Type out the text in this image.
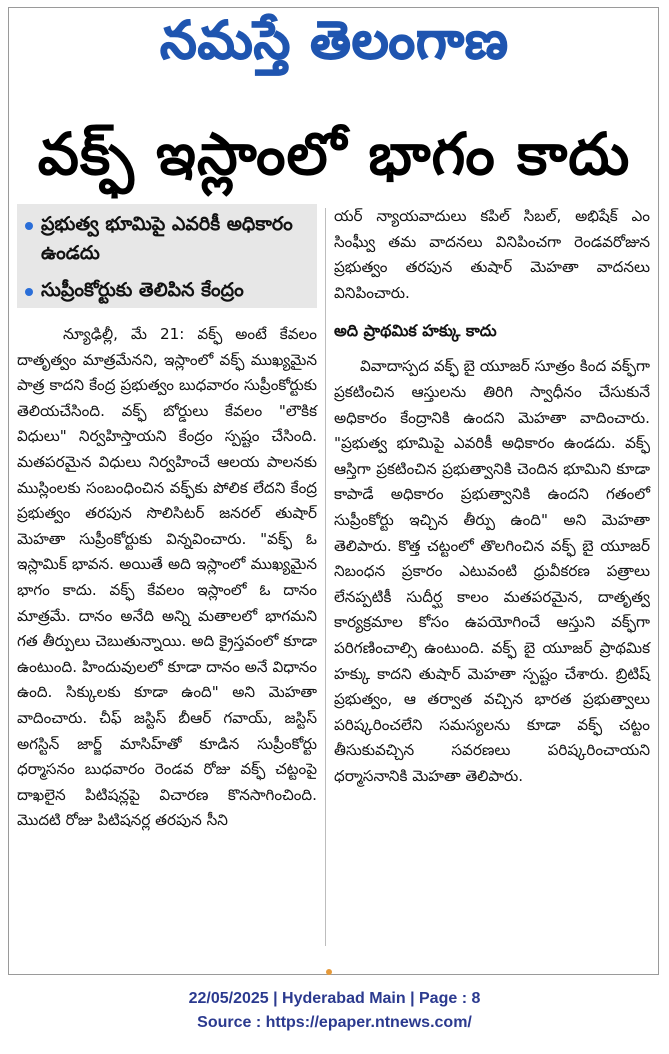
నమస్తే తెలంగాణ
వక్ఫ్ ఇస్లాంలో భాగం కాదు
ప్రభుత్వ భూమిపై ఎవరికీ అధికారం ఉండదు
సుప్రీంకోర్టుకు తెలిపిన కేంద్రం

న్యూఢిల్లీ, మే 21: వక్ఫ్ అంటే కేవలం దాతృత్వం మాత్రమేనని, ఇస్లాంలో వక్ఫ్ ముఖ్యమైన పాత్ర కాదని కేంద్ర ప్రభుత్వం బుధవారం సుప్రీంకోర్టుకు తెలియచేసింది. వక్ఫ్ బోర్డులు కేవలం "లౌకిక విధులు" నిర్వహిస్తాయని కేంద్రం స్పష్టం చేసింది. మతపరమైన విధులు నిర్వహించే ఆలయ పాలనకు ముస్లింలకు సంబంధించిన వక్ఫ్‌కు పోలిక లేదని కేంద్ర ప్రభుత్వం తరపున సొలిసిటర్ జనరల్ తుషార్ మెహతా సుప్రీంకోర్టుకు విన్నవించారు. "వక్ఫ్ ఓ ఇస్లామిక్ భావన. అయితే అది ఇస్లాంలో ముఖ్యమైన భాగం కాదు. వక్ఫ్ కేవలం ఇస్లాంలో ఓ దానం మాత్రమే. దానం అనేది అన్ని మతాలలో భాగమని గత తీర్పులు చెబుతున్నాయి. అది క్రైస్తవంలో కూడా ఉంటుంది. హిందువులలో కూడా దానం అనే విధానం ఉంది. సిక్కులకు కూడా ఉంది" అని మెహతా వాదించారు. చీఫ్ జస్టిస్ బీఆర్ గవాయ్, జస్టిస్ అగస్టిన్ జార్జ్ మాసిహ్‌తో కూడిన సుప్రీంకోర్టు ధర్మాసనం బుధవారం రెండవ రోజు వక్ఫ్ చట్టంపై దాఖలైన పిటిషన్లపై విచారణ కొనసాగించింది. మొదటి రోజు పిటిషనర్ల తరపున సీని

యర్ న్యాయవాదులు కపిల్ సిబల్, అభిషేక్ ఎం సింఘ్వీ తమ వాదనలు వినిపించగా రెండవరోజున ప్రభుత్వం తరపున తుషార్ మెహతా వాదనలు వినిపించారు.

అది ప్రాథమిక హక్కు కాదు

వివాదాస్పద వక్ఫ్ బై యూజర్ సూత్రం కింద వక్ఫ్‌గా ప్రకటించిన ఆస్తులను తిరిగి స్వాధీనం చేసుకునే అధికారం కేంద్రానికి ఉందని మెహతా వాదించారు. "ప్రభుత్వ భూమిపై ఎవరికీ అధికారం ఉండదు. వక్ఫ్ ఆస్తిగా ప్రకటించిన ప్రభుత్వానికి చెందిన భూమిని కూడా కాపాడే అధికారం ప్రభుత్వానికి ఉందని గతంలో సుప్రీంకోర్టు ఇచ్చిన తీర్పు ఉంది" అని మెహతా తెలిపారు. కొత్త చట్టంలో తొలగించిన వక్ఫ్ బై యూజర్ నిబంధన ప్రకారం ఎటువంటి ధ్రువీకరణ పత్రాలు లేనప్పటికీ సుదీర్ఘ కాలం మతపరమైన, దాతృత్వ కార్యక్రమాల కోసం ఉపయోగించే ఆస్తుని వక్ఫ్‌గా పరిగణించాల్సి ఉంటుంది. వక్ఫ్ బై యూజర్ ప్రాథమిక హక్కు కాదని తుషార్ మెహతా స్పష్టం చేశారు. బ్రిటిష్ ప్రభుత్వం, ఆ తర్వాత వచ్చిన భారత ప్రభుత్వాలు పరిష్కరించలేని సమస్యలను కూడా వక్ఫ్ చట్టం తీసుకువచ్చిన సవరణలు పరిష్కరించాయని ధర్మాసనానికి మెహతా తెలిపారు.

22/05/2025 | Hyderabad Main | Page : 8
Source : https://epaper.ntnews.com/
